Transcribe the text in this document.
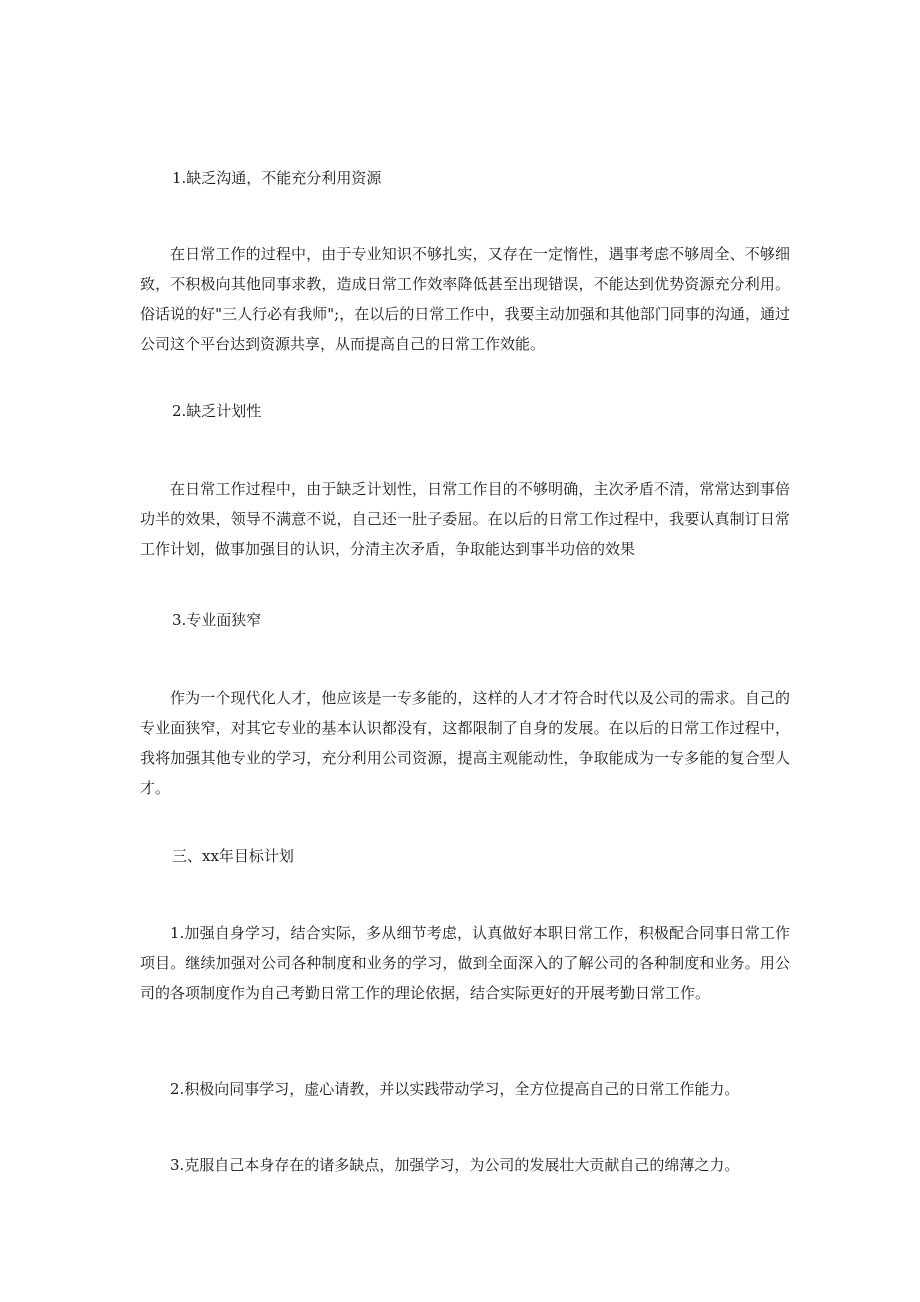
1.缺乏沟通，不能充分利用资源

在日常工作的过程中，由于专业知识不够扎实，又存在一定惰性，遇事考虑不够周全、不够细致，不积极向其他同事求教，造成日常工作效率降低甚至出现错误，不能达到优势资源充分利用。俗话说的好"三人行必有我师";，在以后的日常工作中，我要主动加强和其他部门同事的沟通，通过公司这个平台达到资源共享，从而提高自己的日常工作效能。

2.缺乏计划性

在日常工作过程中，由于缺乏计划性，日常工作目的不够明确，主次矛盾不清，常常达到事倍功半的效果，领导不满意不说，自己还一肚子委屈。在以后的日常工作过程中，我要认真制订日常工作计划，做事加强目的认识，分清主次矛盾，争取能达到事半功倍的效果

3.专业面狭窄

作为一个现代化人才，他应该是一专多能的，这样的人才才符合时代以及公司的需求。自己的专业面狭窄，对其它专业的基本认识都没有，这都限制了自身的发展。在以后的日常工作过程中，我将加强其他专业的学习，充分利用公司资源，提高主观能动性，争取能成为一专多能的复合型人才。

三、xx年目标计划

1.加强自身学习，结合实际，多从细节考虑，认真做好本职日常工作，积极配合同事日常工作项目。继续加强对公司各种制度和业务的学习，做到全面深入的了解公司的各种制度和业务。用公司的各项制度作为自己考勤日常工作的理论依据，结合实际更好的开展考勤日常工作。

2.积极向同事学习，虚心请教，并以实践带动学习，全方位提高自己的日常工作能力。

3.克服自己本身存在的诸多缺点，加强学习，为公司的发展壮大贡献自己的绵薄之力。
